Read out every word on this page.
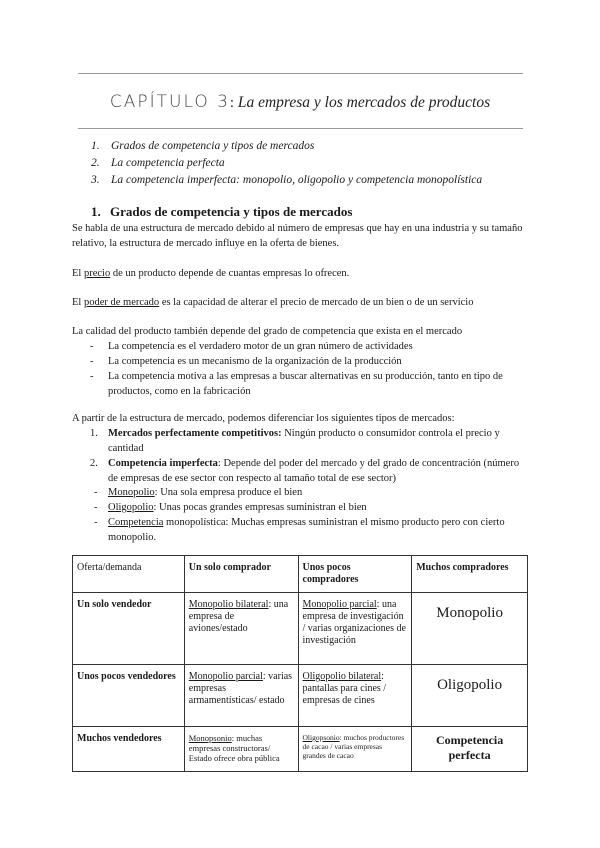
CAPÍTULO 3: La empresa y los mercados de productos
1. Grados de competencia y tipos de mercados
2. La competencia perfecta
3. La competencia imperfecta: monopolio, oligopolio y competencia monopolística
1. Grados de competencia y tipos de mercados

Se habla de una estructura de mercado debido al número de empresas que hay en una industria y su tamaño relativo, la estructura de mercado influye en la oferta de bienes.

El precio de un producto depende de cuantas empresas lo ofrecen.

El poder de mercado es la capacidad de alterar el precio de mercado de un bien o de un servicio

La calidad del producto también depende del grado de competencia que exista en el mercado

- La competencia es el verdadero motor de un gran número de actividades
- La competencia es un mecanismo de la organización de la producción
- La competencia motiva a las empresas a buscar alternativas en su producción, tanto en tipo de productos, como en la fabricación

A partir de la estructura de mercado, podemos diferenciar los siguientes tipos de mercados:

1. Mercados perfectamente competitivos: Ningún producto o consumidor controla el precio y cantidad
2. Competencia imperfecta: Depende del poder del mercado y del grado de concentración (número de empresas de ese sector con respecto al tamaño total de ese sector)
- Monopolio: Una sola empresa produce el bien
- Oligopolio: Unas pocas grandes empresas suministran el bien
- Competencia monopolística: Muchas empresas suministran el mismo producto pero con cierto monopolio.
Oferta/demanda	Un solo comprador	Unos pocos compradores	Muchos compradores
Un solo vendedor	Monopolio bilateral: una empresa de aviones/estado	Monopolio parcial: una empresa de investigación / varias organizaciones de investigación	Monopolio
Unos pocos vendedores	Monopolio parcial: varias empresas armamentísticas/ estado	Oligopolio bilateral: pantallas para cines / empresas de cines	Oligopolio
Muchos vendedores	Monopsonio: muchas empresas constructoras/ Estado ofrece obra pública	Oligopsonio: muchos productores de cacao / varias empresas grandes de cacao	Competencia perfecta
